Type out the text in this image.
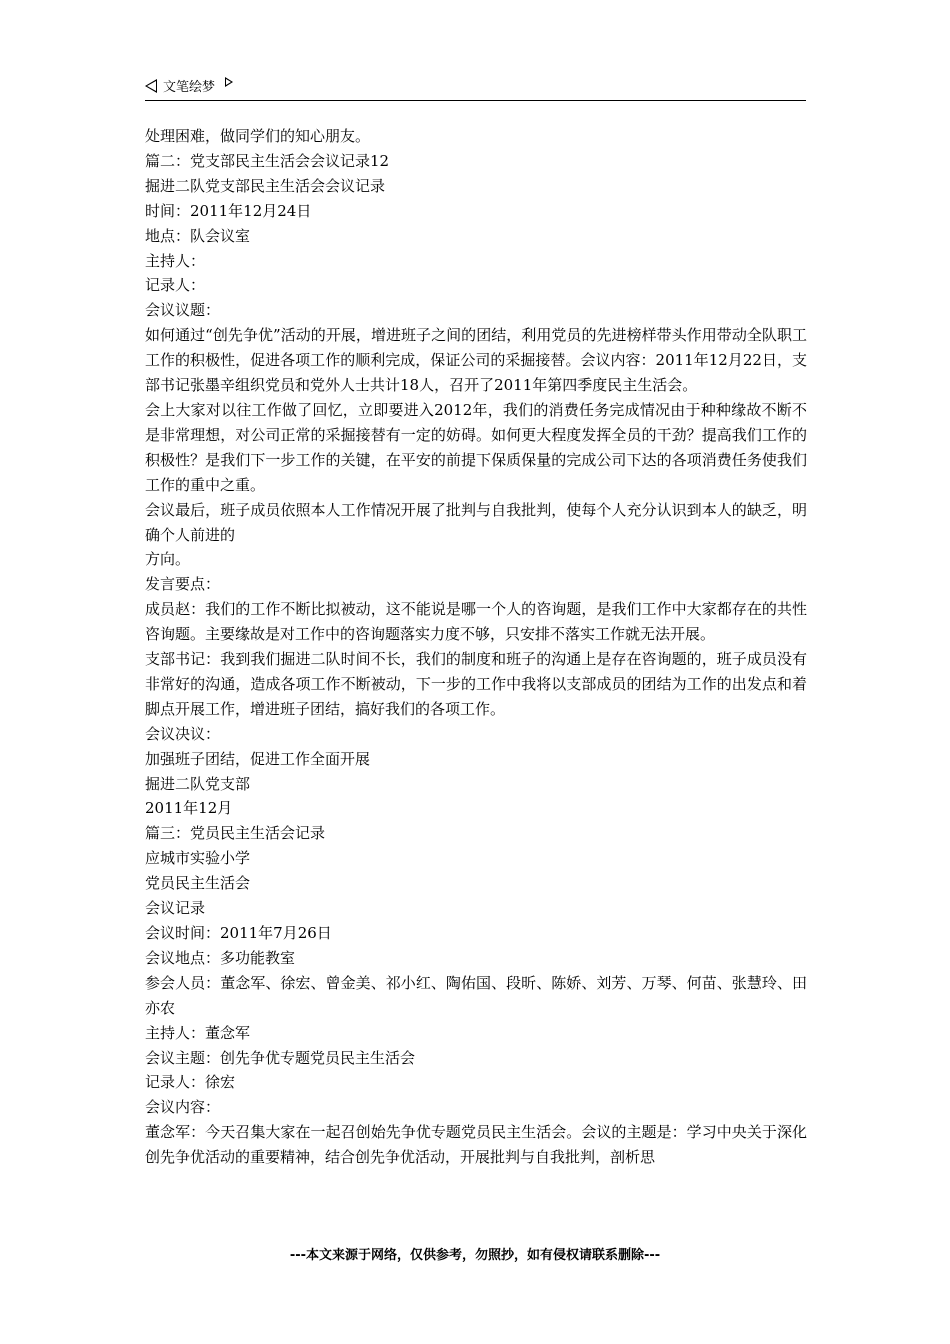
文笔绘梦

处理困难，做同学们的知心朋友。

篇二：党支部民主生活会会议记录12

掘进二队党支部民主生活会会议记录

时间：2011年12月24日

地点：队会议室

主持人：

记录人：

会议议题：

如何通过“创先争优”活动的开展，增进班子之间的团结，利用党员的先进榜样带头作用带动全队职工工作的积极性，促进各项工作的顺利完成，保证公司的采掘接替。会议内容：2011年12月22日，支部书记张墨辛组织党员和党外人士共计18人，召开了2011年第四季度民主生活会。

会上大家对以往工作做了回忆，立即要进入2012年，我们的消费任务完成情况由于种种缘故不断不是非常理想，对公司正常的采掘接替有一定的妨碍。如何更大程度发挥全员的干劲？提高我们工作的积极性？是我们下一步工作的关键，在平安的前提下保质保量的完成公司下达的各项消费任务使我们工作的重中之重。

会议最后，班子成员依照本人工作情况开展了批判与自我批判，使每个人充分认识到本人的缺乏，明确个人前进的

方向。

发言要点：

成员赵：我们的工作不断比拟被动，这不能说是哪一个人的咨询题，是我们工作中大家都存在的共性咨询题。主要缘故是对工作中的咨询题落实力度不够，只安排不落实工作就无法开展。

支部书记：我到我们掘进二队时间不长，我们的制度和班子的沟通上是存在咨询题的，班子成员没有非常好的沟通，造成各项工作不断被动，下一步的工作中我将以支部成员的团结为工作的出发点和着脚点开展工作，增进班子团结，搞好我们的各项工作。

会议决议：

加强班子团结，促进工作全面开展

掘进二队党支部

2011年12月

篇三：党员民主生活会记录

应城市实验小学

党员民主生活会

会议记录

会议时间：2011年7月26日

会议地点：多功能教室

参会人员：董念军、徐宏、曾金美、祁小红、陶佑国、段昕、陈娇、刘芳、万琴、何苗、张慧玲、田亦农

主持人：董念军

会议主题：创先争优专题党员民主生活会

记录人：徐宏

会议内容：

董念军：今天召集大家在一起召创始先争优专题党员民主生活会。会议的主题是：学习中央关于深化创先争优活动的重要精神，结合创先争优活动，开展批判与自我批判，剖析思

---本文来源于网络，仅供参考，勿照抄，如有侵权请联系删除---
